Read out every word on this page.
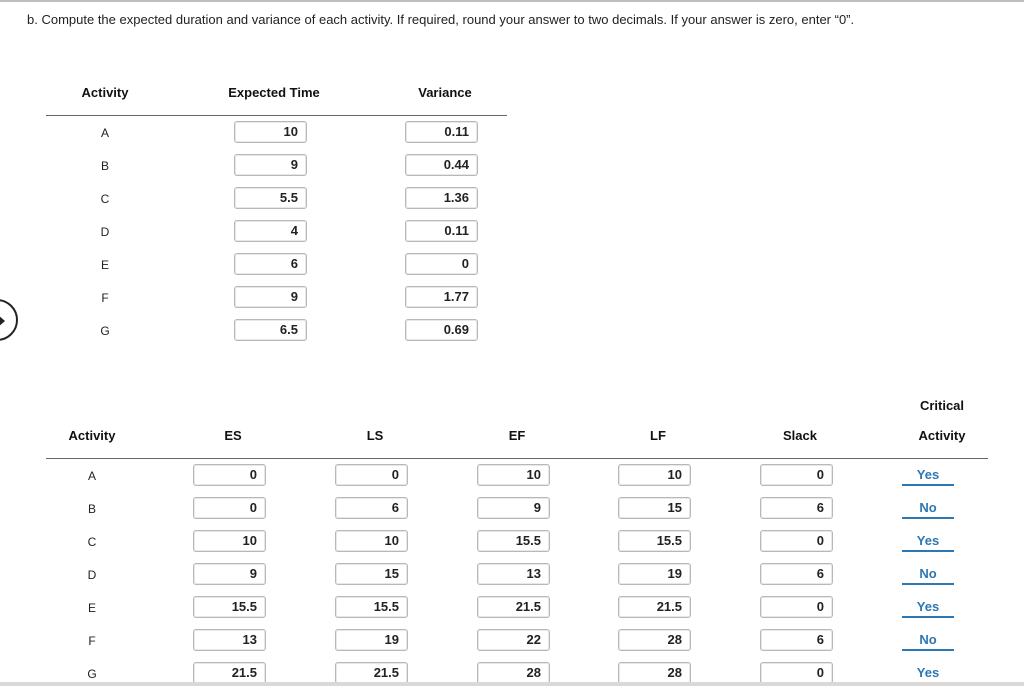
b. Compute the expected duration and variance of each activity. If required, round your answer to two decimals. If your answer is zero, enter “0”.
Activity	Expected Time	Variance
A	10	0.11
B	9	0.44
C	5.5	1.36
D	4	0.11
E	6	0
F	9	1.77
G	6.5	0.69
Activity	ES	LS	EF	LF	Slack
Critical
Activity
A	0	0	10	10	0	Yes
B	0	6	9	15	6	No
C	10	10	15.5	15.5	0	Yes
D	9	15	13	19	6	No
E	15.5	15.5	21.5	21.5	0	Yes
F	13	19	22	28	6	No
G	21.5	21.5	28	28	0	Yes
